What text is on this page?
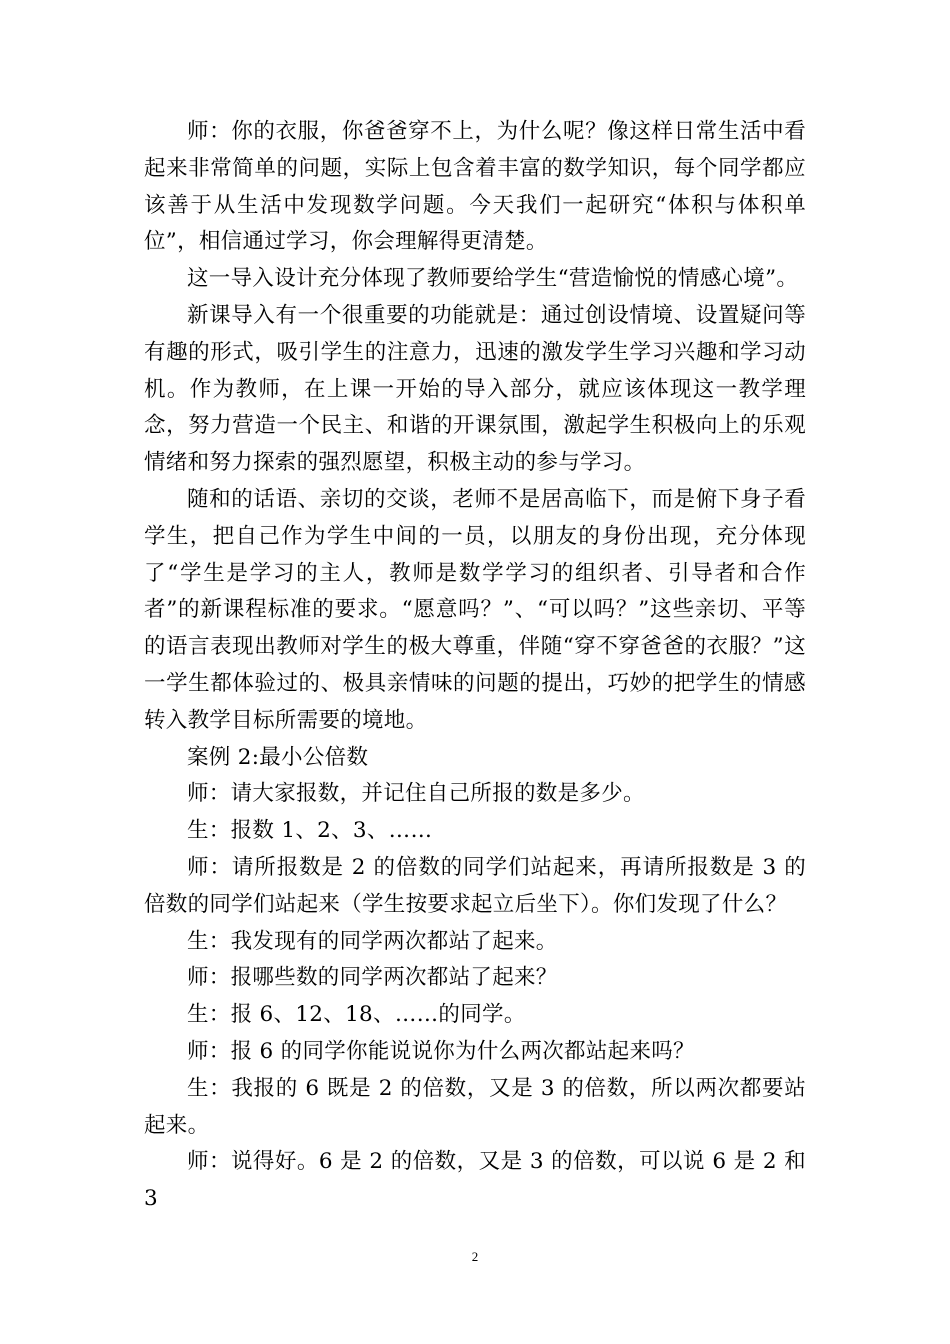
师：你的衣服，你爸爸穿不上，为什么呢？像这样日常生活中看起来非常简单的问题，实际上包含着丰富的数学知识，每个同学都应该善于从生活中发现数学问题。今天我们一起研究“体积与体积单位”，相信通过学习，你会理解得更清楚。

这一导入设计充分体现了教师要给学生“营造愉悦的情感心境”。

新课导入有一个很重要的功能就是：通过创设情境、设置疑问等有趣的形式，吸引学生的注意力，迅速的激发学生学习兴趣和学习动机。作为教师，在上课一开始的导入部分，就应该体现这一教学理念，努力营造一个民主、和谐的开课氛围，激起学生积极向上的乐观情绪和努力探索的强烈愿望，积极主动的参与学习。

随和的话语、亲切的交谈，老师不是居高临下，而是俯下身子看学生，把自己作为学生中间的一员，以朋友的身份出现，充分体现了“学生是学习的主人，教师是数学学习的组织者、引导者和合作者”的新课程标准的要求。“愿意吗？”、“可以吗？”这些亲切、平等的语言表现出教师对学生的极大尊重，伴随“穿不穿爸爸的衣服？”这一学生都体验过的、极具亲情味的问题的提出，巧妙的把学生的情感转入教学目标所需要的境地。

案例 2:最小公倍数

师：请大家报数，并记住自己所报的数是多少。

生：报数 1、2、3、……

师：请所报数是 2 的倍数的同学们站起来，再请所报数是 3 的倍数的同学们站起来（学生按要求起立后坐下）。你们发现了什么？

生：我发现有的同学两次都站了起来。

师：报哪些数的同学两次都站了起来？

生：报 6、12、18、……的同学。

师：报 6 的同学你能说说你为什么两次都站起来吗？

生：我报的 6 既是 2 的倍数，又是 3 的倍数，所以两次都要站起来。

师：说得好。6 是 2 的倍数，又是 3 的倍数，可以说 6 是 2 和 3

2
